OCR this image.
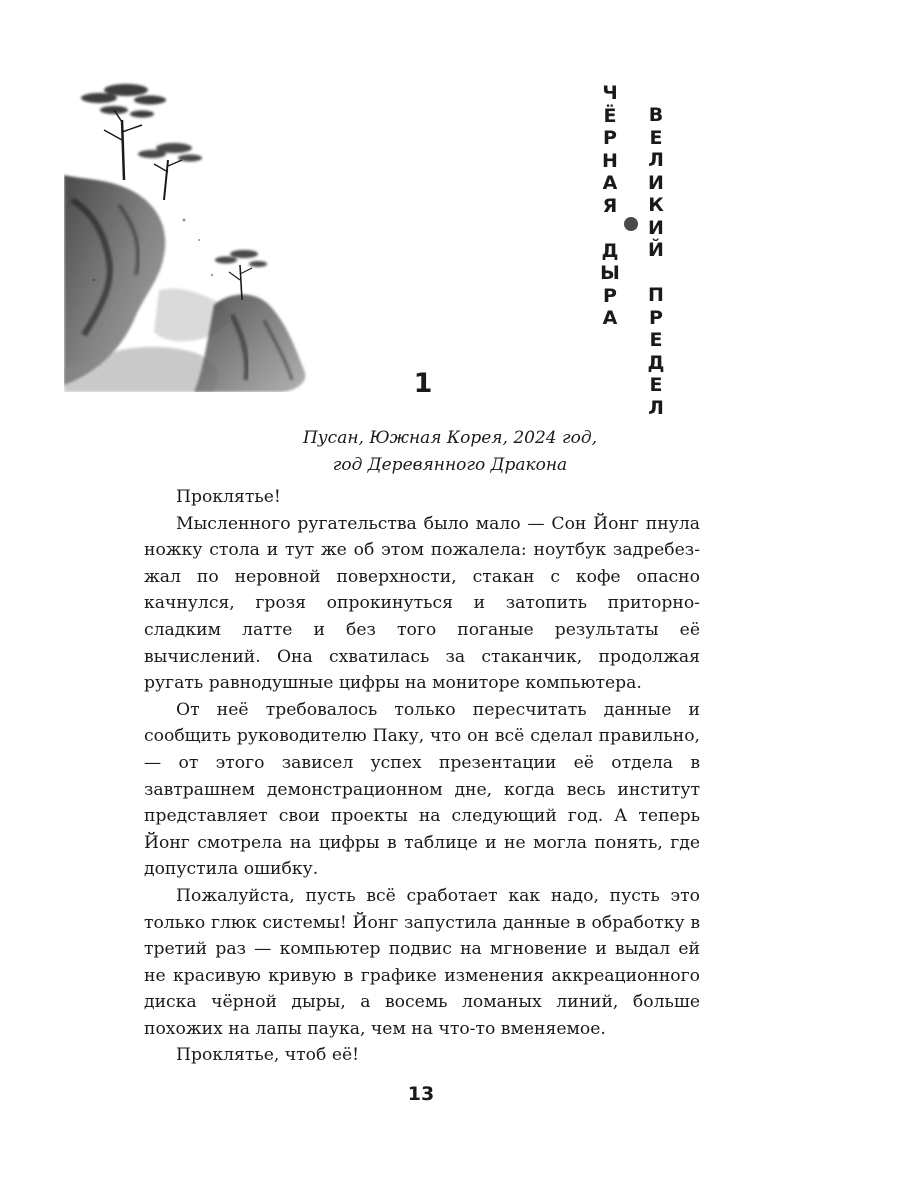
Ч
Ё
Р
Н
А
Я
Д
Ы
Р
А
В
Е
Л
И
К
И
Й
П
Р
Е
Д
Е
Л
1
Пусан, Южная Корея, 2024 год,
год Деревянного Дракона

Проклятье!

Мысленного ругательства было мало — Сон Йонг пнула ножку стола и тут же об этом пожалела: ноутбук задребезжал по неровной поверхности, стакан с кофе опасно качнулся, грозя опрокинуться и затопить приторно-сладким латте и без того поганые результаты её вычислений. Она схватилась за стаканчик, продолжая ругать равнодушные цифры на мониторе компьютера.

От неё требовалось только пересчитать данные и сообщить руководителю Паку, что он всё сделал правильно, — от этого зависел успех презентации её отдела в завтрашнем демонстрационном дне, когда весь институт представляет свои проекты на следующий год. А теперь Йонг смотрела на цифры в таблице и не могла понять, где допустила ошибку.

Пожалуйста, пусть всё сработает как надо, пусть это только глюк системы! Йонг запустила данные в обработку в третий раз — компьютер подвис на мгновение и выдал ей не красивую кривую в графике изменения аккреационного диска чёрной дыры, а восемь ломаных линий, больше похожих на лапы паука, чем на что-то вменяемое.

Проклятье, чтоб её!

13
